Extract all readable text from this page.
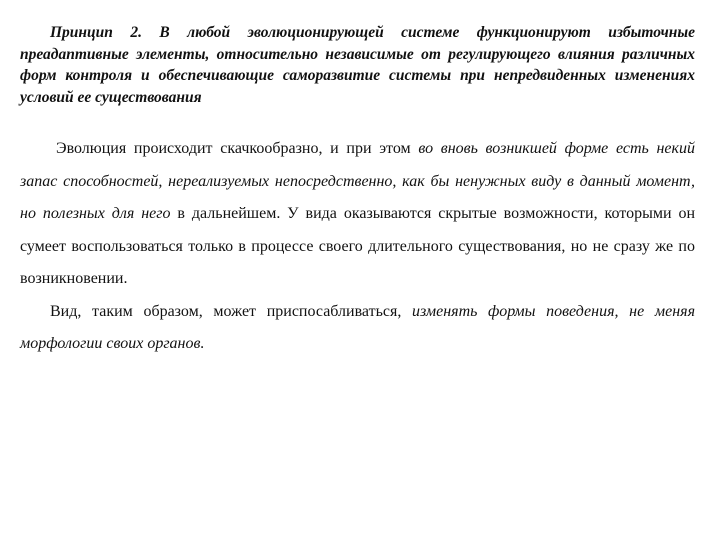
Принцип 2. В любой эволюционирующей системе функционируют избыточные преадаптивные элементы, относительно независимые от регулирующего влияния различных форм контроля и обеспечивающие саморазвитие системы при непредвиденных изменениях условий ее существования

Эволюция происходит скачкообразно, и при этом во вновь возникшей форме есть некий запас способностей, нереализуемых непосредственно, как бы ненужных виду в данный момент, но полезных для него в дальнейшем. У вида оказываются скрытые возможности, которыми он сумеет воспользоваться только в процессе своего длительного существования, но не сразу же по возникновении.

Вид, таким образом, может приспосабливаться, изменять формы поведения, не меняя морфологии своих органов.
